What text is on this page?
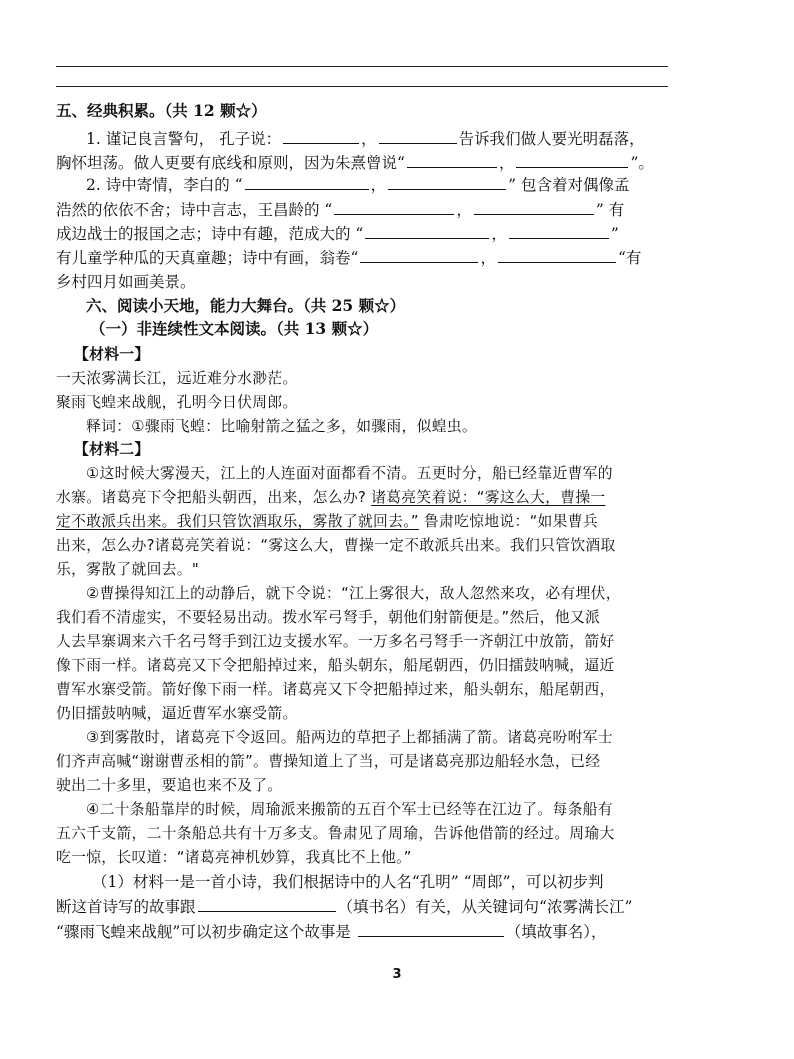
五、经典积累。（共 12 颗☆）
1. 谨记良言警句， 孔子说：	，	告诉我们做人要光明磊落，
胸怀坦荡。做人更要有底线和原则，因为朱熹曾说“	，	”。
2. 诗中寄情，李白的 “	，	” 包含着对偶像孟
浩然的依依不舍；诗中言志，王昌龄的 “	，	” 有
成边战士的报国之志；诗中有趣，范成大的 “	，	”
有儿童学种瓜的天真童趣；诗中有画，翁卷“	，	“有
乡村四月如画美景。
六、阅读小天地，能力大舞台。（共 25 颗☆）
（一）非连续性文本阅读。（共 13 颗☆）
【材料一】
一天浓雾满长江，远近难分水渺茫。
聚雨飞蝗来战舰，孔明今日伏周郎。
释词：①骤雨飞蝗：比喻射箭之猛之多，如骤雨，似蝗虫。
【材料二】
①这时候大雾漫天，江上的人连面对面都看不清。五更时分，船已经靠近曹军的
水寨。诸葛亮下令把船头朝西，出来，怎么办? 诸葛亮笑着说：“雾这么大，曹操一
定不敢派兵出来。我们只管饮酒取乐，雾散了就回去。” 鲁肃吃惊地说：“如果曹兵
出来，怎么办?诸葛亮笑着说：“雾这么大，曹操一定不敢派兵出来。我们只管饮酒取
乐，雾散了就回去。"
②曹操得知江上的动静后，就下令说：“江上雾很大，敌人忽然来攻，必有埋伏，
我们看不清虚实，不要轻易出动。拨水军弓弩手，朝他们射箭便是。”然后，他又派
人去旱寨调来六千名弓弩手到江边支援水军。一万多名弓弩手一齐朝江中放箭，箭好
像下雨一样。诸葛亮又下令把船掉过来，船头朝东，船尾朝西，仍旧擂鼓呐喊，逼近
曹军水寨受箭。箭好像下雨一样。诸葛亮又下令把船掉过来，船头朝东，船尾朝西，
仍旧擂鼓呐喊，逼近曹军水寨受箭。
③到雾散时，诸葛亮下令返回。船两边的草把子上都插满了箭。诸葛亮吩咐军士
们齐声高喊“谢谢曹丞相的箭”。曹操知道上了当，可是诸葛亮那边船轻水急，已经
驶出二十多里，要追也来不及了。
④二十条船靠岸的时候，周瑜派来搬箭的五百个军士已经等在江边了。每条船有
五六千支箭，二十条船总共有十万多支。鲁肃见了周瑜，告诉他借箭的经过。周瑜大
吃一惊，长叹道：“诸葛亮神机妙算，我真比不上他。”
（1）材料一是一首小诗，我们根据诗中的人名“孔明” “周郎”，可以初步判
断这首诗写的故事跟	（填书名）有关，从关键词句“浓雾满长江”
“骤雨飞蝗来战舰”可以初步确定这个故事是	（填故事名），
3
